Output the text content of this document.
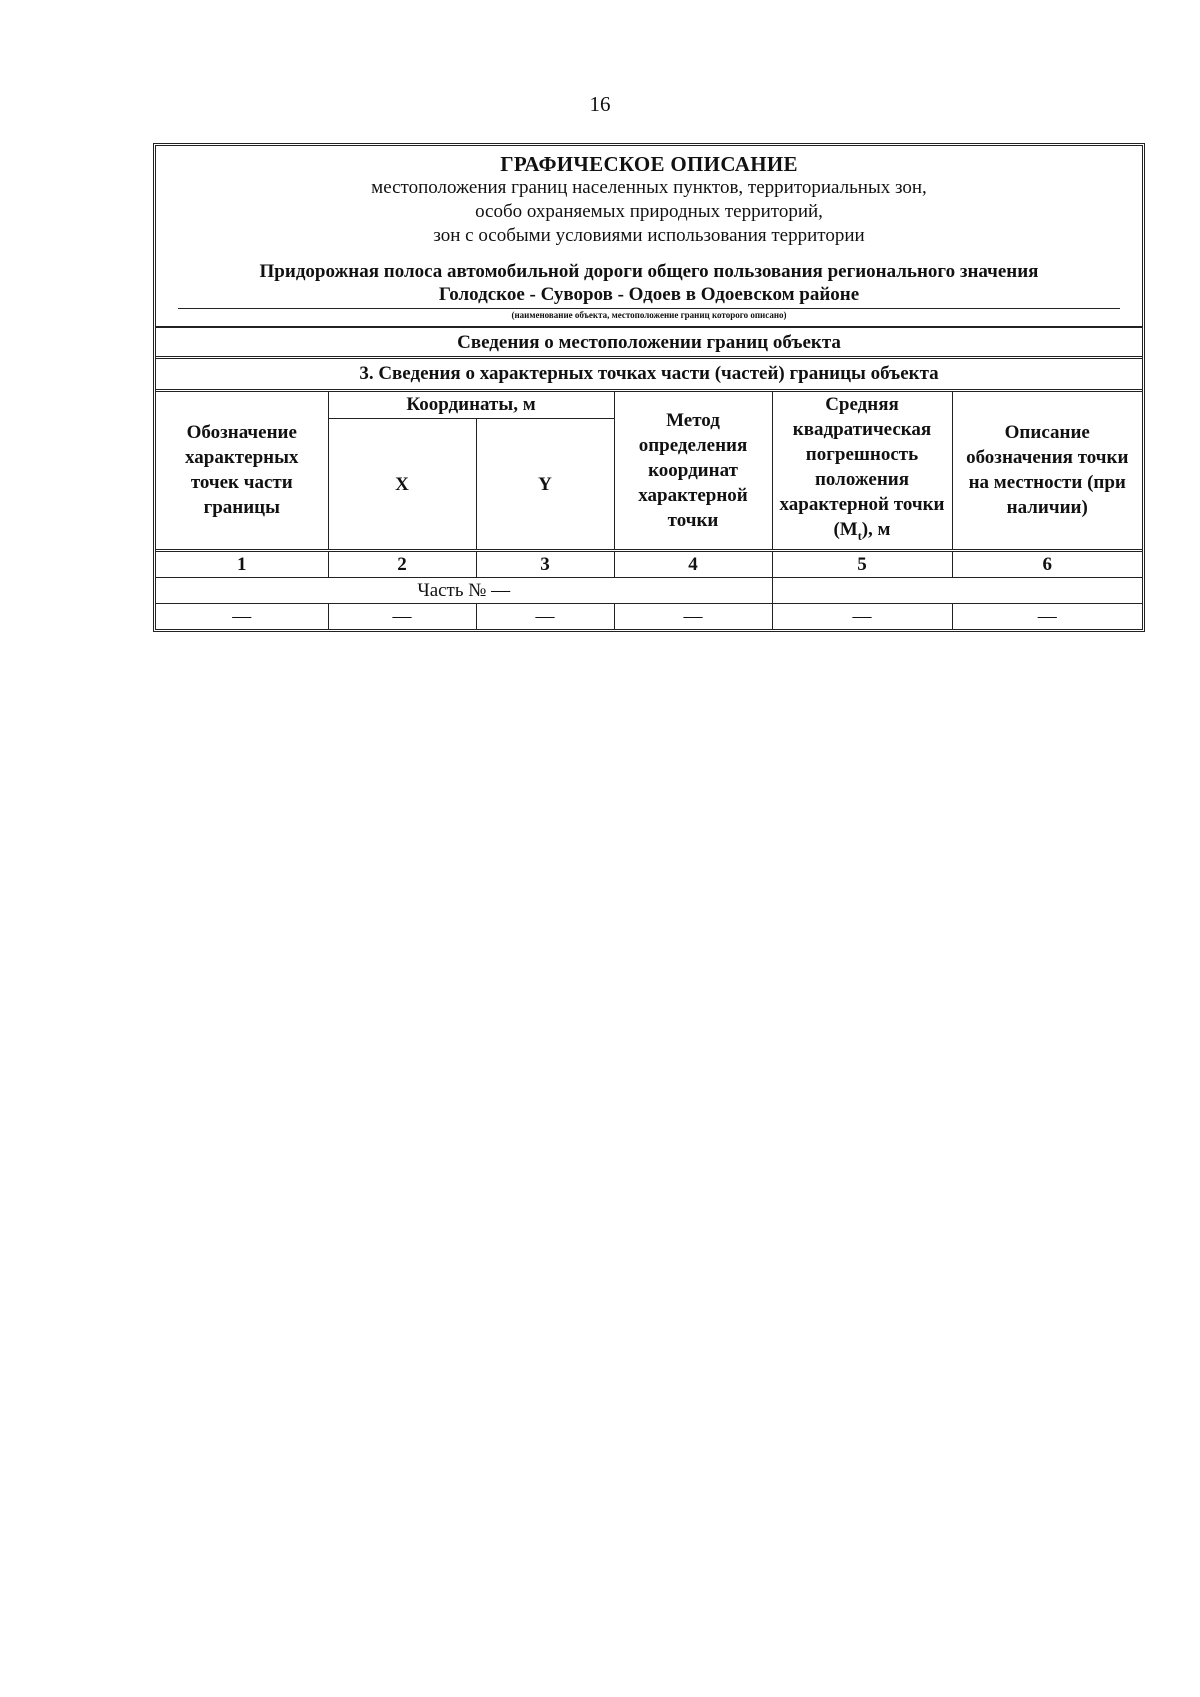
16
ГРАФИЧЕСКОЕ ОПИСАНИЕ
местоположения границ населенных пунктов, территориальных зон,
особо охраняемых природных территорий,
зон с особыми условиями использования территории
Придорожная полоса автомобильной дороги общего пользования регионального значения
Голодское - Суворов - Одоев в Одоевском районе
(наименование объекта, местоположение границ которого описано)
Сведения о местоположении границ объекта
3. Сведения о характерных точках части (частей) границы объекта
Обозначение характерных точек части границы	Координаты, м		Метод определения координат характерной точки	Средняя квадратическая погрешность положения характерной точки $(M_t)$, м	Описание обозначения точки на местности (при наличии)
	X	Y			
1	2	3	4	5	6
Часть № —					
—	—	—	—	—	—
